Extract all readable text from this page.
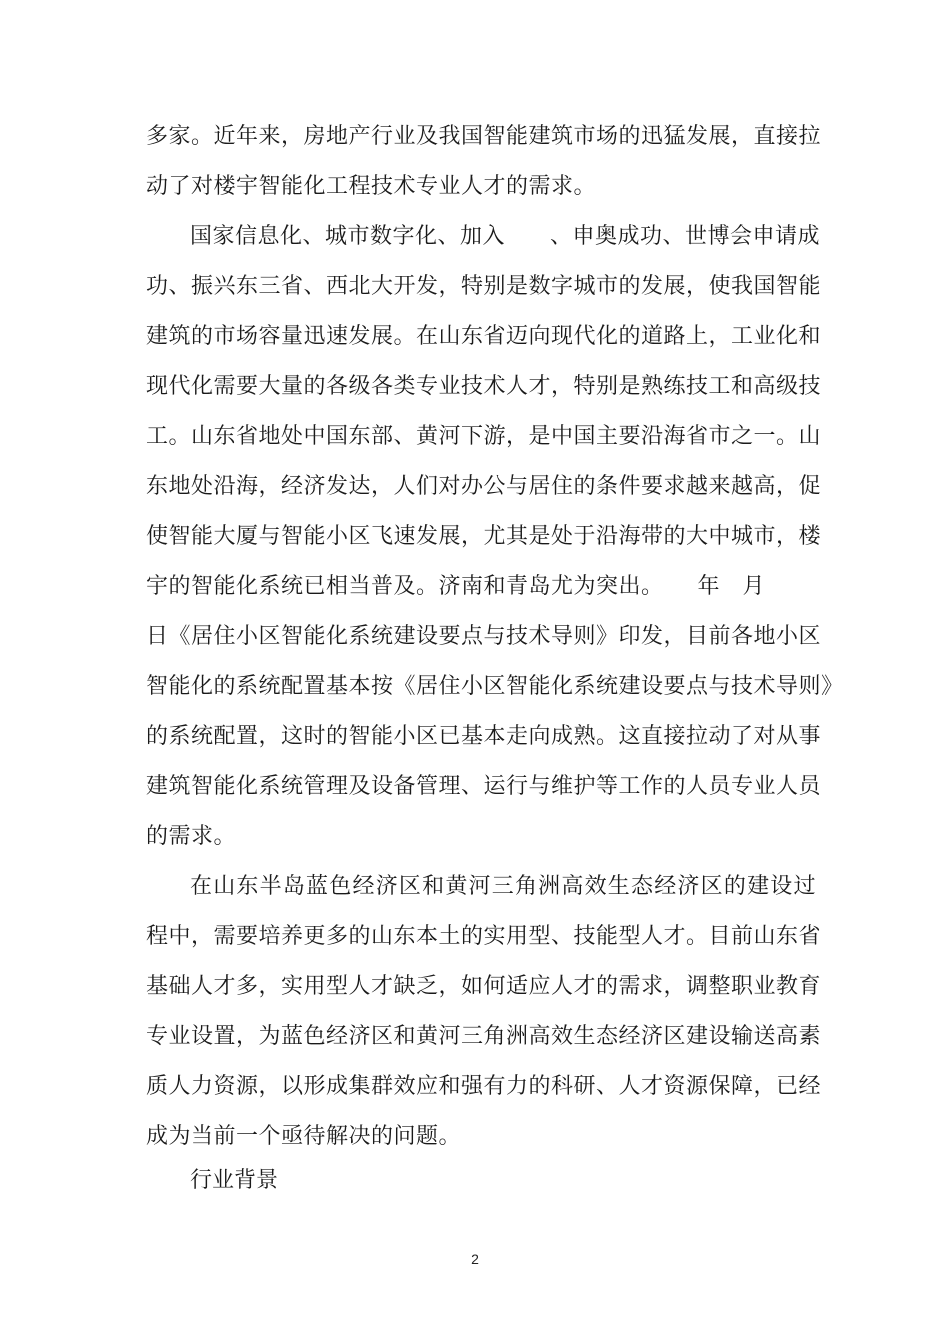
多家。近年来，房地产行业及我国智能建筑市场的迅猛发展，直接拉
动了对楼宇智能化工程技术专业人才的需求。
国家信息化、城市数字化、加入　　、申奥成功、世博会申请成
功、振兴东三省、西北大开发，特别是数字城市的发展，使我国智能
建筑的市场容量迅速发展。在山东省迈向现代化的道路上，工业化和
现代化需要大量的各级各类专业技术人才，特别是熟练技工和高级技
工。山东省地处中国东部、黄河下游，是中国主要沿海省市之一。山
东地处沿海，经济发达，人们对办公与居住的条件要求越来越高，促
使智能大厦与智能小区飞速发展，尤其是处于沿海带的大中城市，楼
宇的智能化系统已相当普及。济南和青岛尤为突出。　　年　月
日《居住小区智能化系统建设要点与技术导则》印发，目前各地小区
智能化的系统配置基本按《居住小区智能化系统建设要点与技术导则》
的系统配置，这时的智能小区已基本走向成熟。这直接拉动了对从事
建筑智能化系统管理及设备管理、运行与维护等工作的人员专业人员
的需求。
在山东半岛蓝色经济区和黄河三角洲高效生态经济区的建设过
程中，需要培养更多的山东本土的实用型、技能型人才。目前山东省
基础人才多，实用型人才缺乏，如何适应人才的需求，调整职业教育
专业设置，为蓝色经济区和黄河三角洲高效生态经济区建设输送高素
质人力资源，以形成集群效应和强有力的科研、人才资源保障，已经
成为当前一个亟待解决的问题。
行业背景
2
